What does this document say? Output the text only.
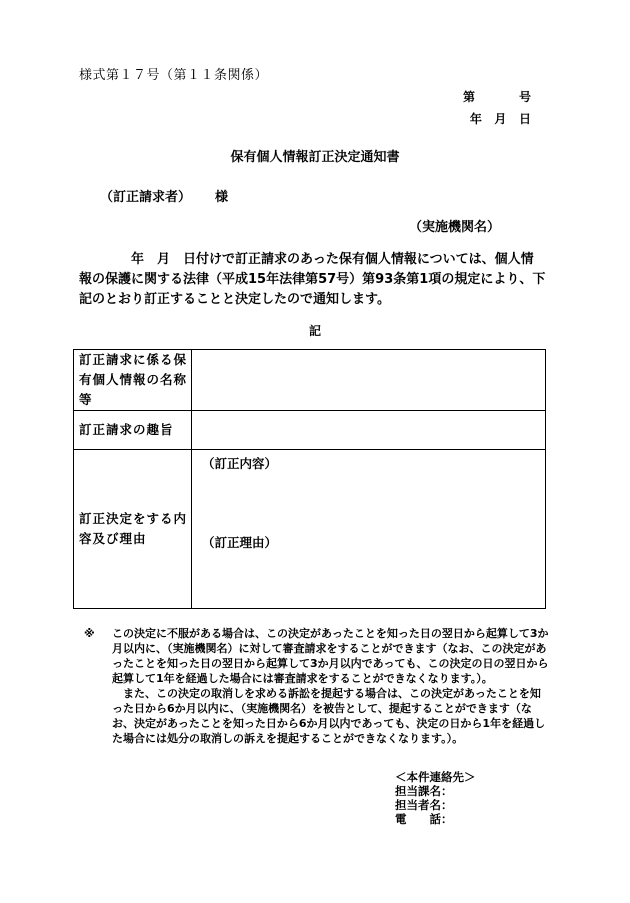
様式第１７号（第１１条関係）
第	号
年 月 日
保有個人情報訂正決定通知書
（訂正請求者） 様
（実施機関名）

　　　　年　月　日付けで訂正請求のあった保有個人情報については、個人情

報の保護に関する法律（平成15年法律第57号）第93条第1項の規定により、下

記のとおり訂正することと決定したので通知します。

記
訂正請求に係る保有個人情報の名称等	
訂正請求の趣旨	
訂正決定をする内容及び理由	（訂正内容）
（訂正理由）
※ この決定に不服がある場合は、この決定があったことを知った日の翌日から起算して3か月以内に、（実施機関名）に対して審査請求をすることができます（なお、この決定があったことを知った日の翌日から起算して3か月以内であっても、この決定の日の翌日から起算して1年を経過した場合には審査請求をすることができなくなります。）。

　また、この決定の取消しを求める訴訟を提起する場合は、この決定があったことを知った日から6か月以内に、（実施機関名）を被告として、提起することができます（なお、決定があったことを知った日から6か月以内であっても、決定の日から1年を経過した場合には処分の取消しの訴えを提起することができなくなります。）。

＜本件連絡先＞
担当課名：
担当者名：
電　　話：
